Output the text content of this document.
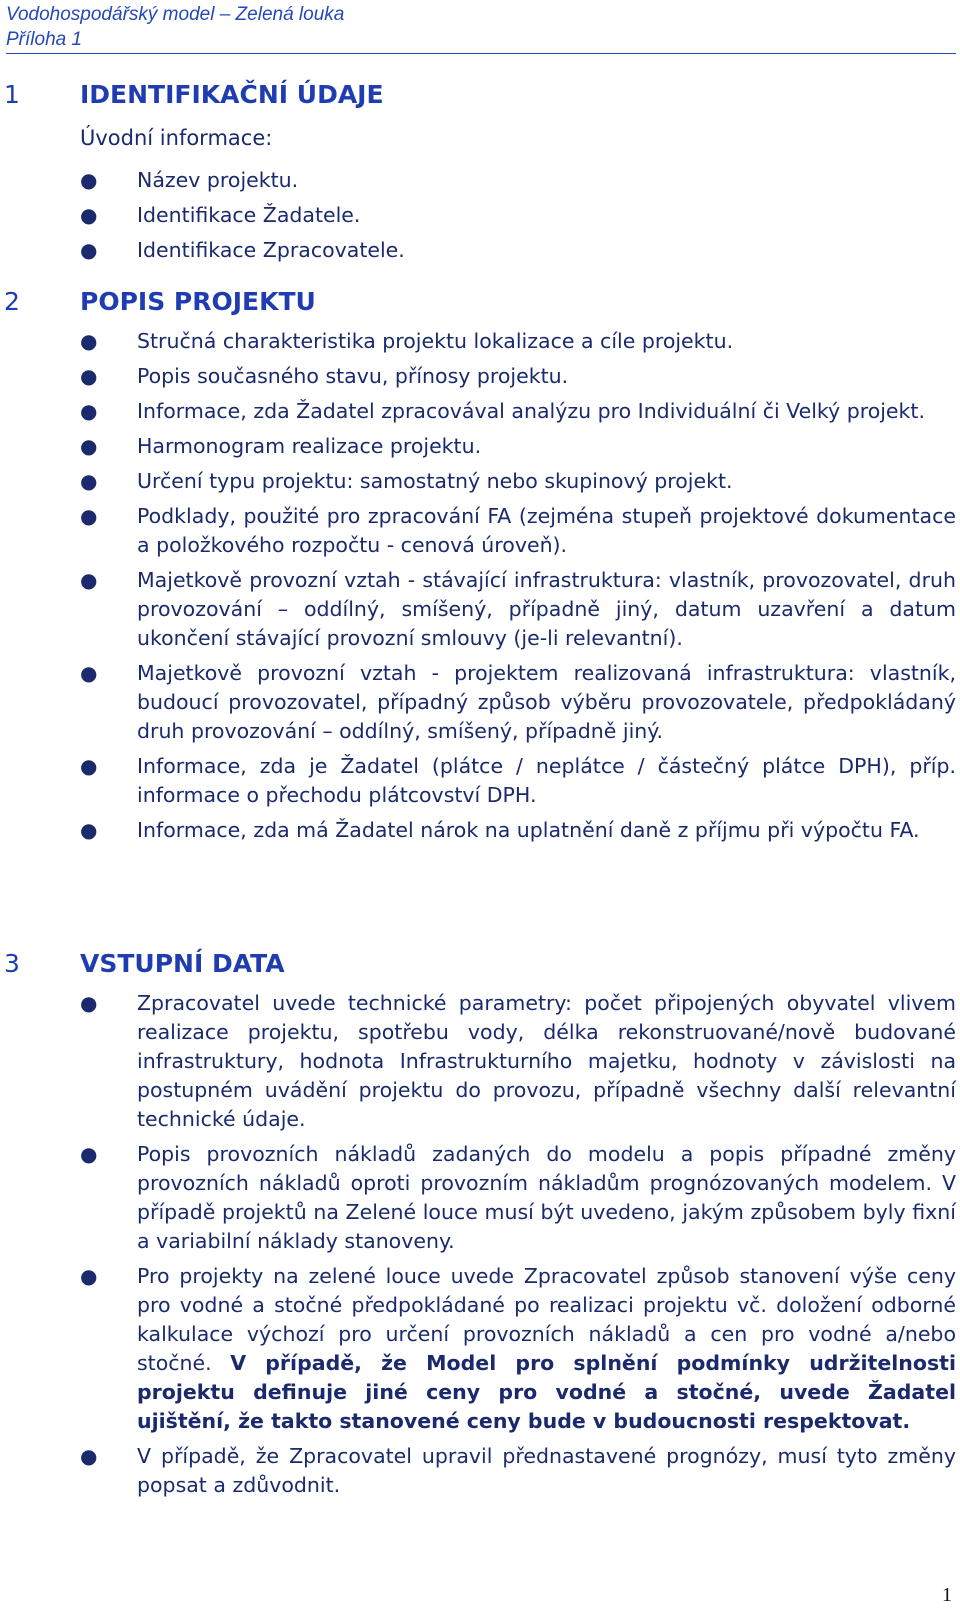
Vodohospodářský model – Zelená louka
Příloha 1
1 IDENTIFIKAČNÍ ÚDAJE
Úvodní informace:
● Název projektu.
● Identifikace Žadatele.
● Identifikace Zpracovatele.
2 POPIS PROJEKTU
● Stručná charakteristika projektu lokalizace a cíle projektu.
● Popis současného stavu, přínosy projektu.
● Informace, zda Žadatel zpracovával analýzu pro Individuální či Velký projekt.
● Harmonogram realizace projektu.
● Určení typu projektu: samostatný nebo skupinový projekt.
● Podklady, použité pro zpracování FA (zejména stupeň projektové dokumentace a položkového rozpočtu - cenová úroveň).
● Majetkově provozní vztah - stávající infrastruktura: vlastník, provozovatel, druh provozování – oddílný, smíšený, případně jiný, datum uzavření a datum ukončení stávající provozní smlouvy (je-li relevantní).
● Majetkově provozní vztah - projektem realizovaná infrastruktura: vlastník, budoucí provozovatel, případný způsob výběru provozovatele, předpokládaný druh provozování – oddílný, smíšený, případně jiný.
● Informace, zda je Žadatel (plátce / neplátce / částečný plátce DPH), příp. informace o přechodu plátcovství DPH.
● Informace, zda má Žadatel nárok na uplatnění daně z příjmu při výpočtu FA.
3 VSTUPNÍ DATA
● Zpracovatel uvede technické parametry: počet připojených obyvatel vlivem realizace projektu, spotřebu vody, délka rekonstruované/nově budované infrastruktury, hodnota Infrastrukturního majetku, hodnoty v závislosti na postupném uvádění projektu do provozu, případně všechny další relevantní technické údaje.
● Popis provozních nákladů zadaných do modelu a popis případné změny provozních nákladů oproti provozním nákladům prognózovaných modelem. V případě projektů na Zelené louce musí být uvedeno, jakým způsobem byly fixní a variabilní náklady stanoveny.
● Pro projekty na zelené louce uvede Zpracovatel způsob stanovení výše ceny pro vodné a stočné předpokládané po realizaci projektu vč. doložení odborné kalkulace výchozí pro určení provozních nákladů a cen pro vodné a/nebo stočné. V případě, že Model pro splnění podmínky udržitelnosti projektu definuje jiné ceny pro vodné a stočné, uvede Žadatel ujištění, že takto stanovené ceny bude v budoucnosti respektovat.
● V případě, že Zpracovatel upravil přednastavené prognózy, musí tyto změny popsat a zdůvodnit.
1
